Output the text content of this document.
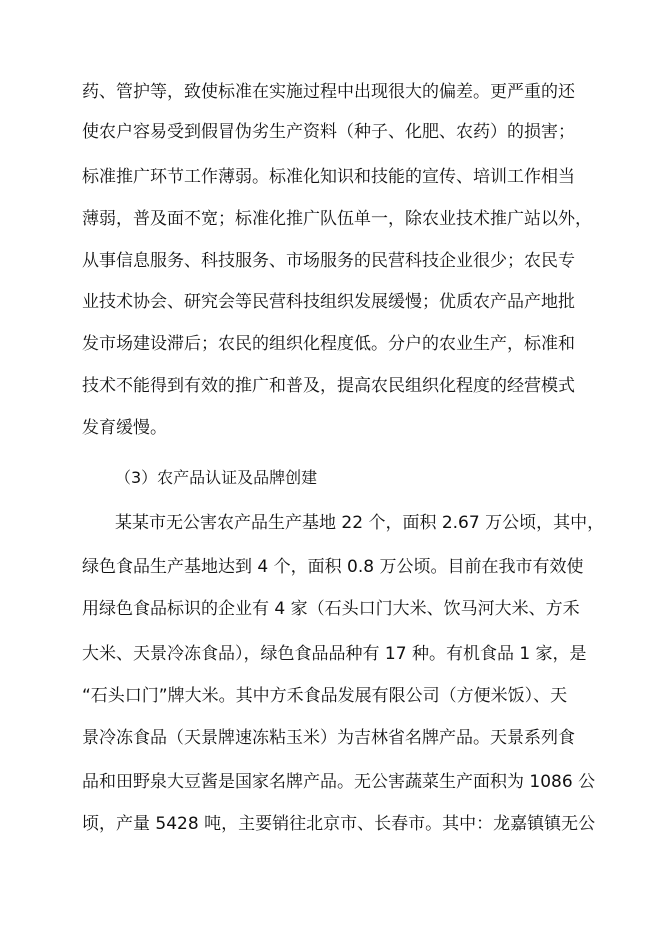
药、管护等，致使标准在实施过程中出现很大的偏差。更严重的还
使农户容易受到假冒伪劣生产资料（种子、化肥、农药）的损害；
标准推广环节工作薄弱。标准化知识和技能的宣传、培训工作相当
薄弱，普及面不宽；标准化推广队伍单一，除农业技术推广站以外，
从事信息服务、科技服务、市场服务的民营科技企业很少；农民专
业技术协会、研究会等民营科技组织发展缓慢；优质农产品产地批
发市场建设滞后；农民的组织化程度低。分户的农业生产，标准和
技术不能得到有效的推广和普及，提高农民组织化程度的经营模式
发育缓慢。
（3）农产品认证及品牌创建
某某市无公害农产品生产基地 22 个，面积 2.67 万公顷，其中，
绿色食品生产基地达到 4 个，面积 0.8 万公顷。目前在我市有效使
用绿色食品标识的企业有 4 家（石头口门大米、饮马河大米、方禾
大米、天景冷冻食品），绿色食品品种有 17 种。有机食品 1 家，是
“石头口门”牌大米。其中方禾食品发展有限公司（方便米饭）、天
景冷冻食品（天景牌速冻粘玉米）为吉林省名牌产品。天景系列食
品和田野泉大豆酱是国家名牌产品。无公害蔬菜生产面积为 1086 公
顷，产量 5428 吨，主要销往北京市、长春市。其中：龙嘉镇镇无公
